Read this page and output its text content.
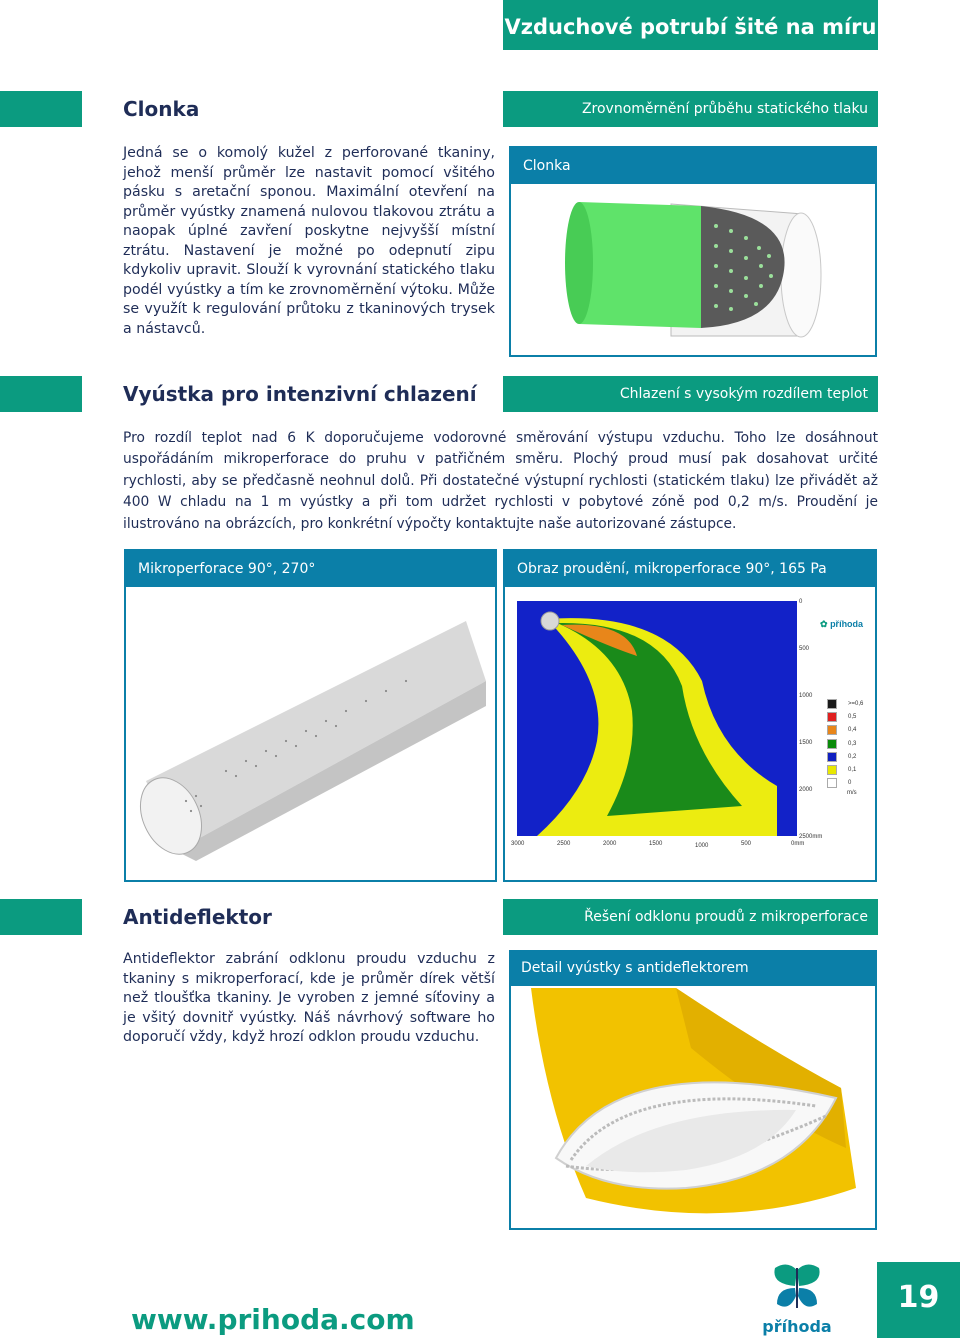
Vzduchové potrubí šité na míru
Clonka	Zrovnoměrnění průběhu statického tlaku
Jedná se o komolý kužel z perforované tkaniny, jehož menší průměr lze nastavit pomocí všitého pásku s aretační sponou. Maximální otevření na průměr vyústky znamená nulovou tlakovou ztrátu a naopak úplné zavření poskytne nejvyšší místní ztrátu. Nastavení je možné po odepnutí zipu kdykoliv upravit. Slouží k vyrovnání statického tlaku podél vyústky a tím ke zrovnoměrnění výtoku. Může se využít k regulování průtoku z tkaninových trysek a nástavců.
Clonka
Vyústka pro intenzivní chlazení	Chlazení s vysokým rozdílem teplot
Pro rozdíl teplot nad 6 K doporučujeme vodorovné směrování výstupu vzduchu. Toho lze dosáhnout uspořádáním mikroperforace do pruhu v patřičném směru. Plochý proud musí pak dosahovat určité rychlosti, aby se předčasně neohnul dolů. Při dostatečné výstupní rychlosti (statickém tlaku) lze přivádět až 400 W chladu na 1 m vyústky a při tom udržet rychlosti v pobytové zóně pod 0,2 m/s. Proudění je ilustrováno na obrázcích, pro konkrétní výpočty kontaktujte naše autorizované zástupce.
Mikroperforace 90°, 270°	Obraz proudění, mikroperforace 90°, 165 Pa
0
500
1000
1500
2000
2500mm
3000	2500	2000	1500	1000	500	0mm
✿ příhoda
>=0,6
0,5
0,4
0,3
0,2
0,1
0
m/s
Antideflektor	Řešení odklonu proudů z mikroperforace
Antideflektor zabrání odklonu proudu vzduchu z tkaniny s mikroperforací, kde je průměr dírek větší než tloušťka tkaniny. Je vyroben z jemné síťoviny a je všitý dovnitř vyústky. Náš návrhový software ho doporučí vždy, když hrozí odklon proudu vzduchu.
Detail vyústky s antideflektorem
www.prihoda.com	příhoda
19
